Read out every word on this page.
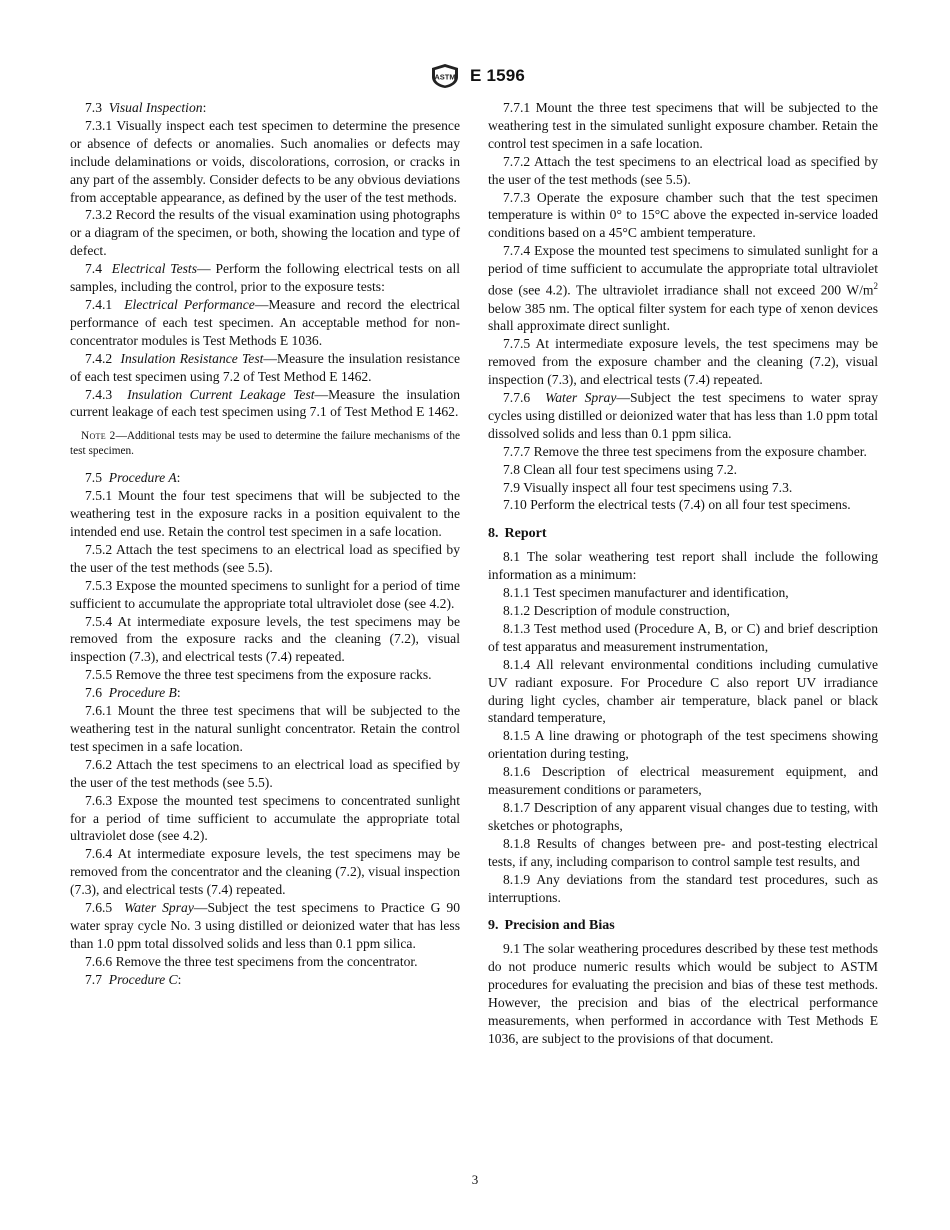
ASTM E 1596

7.3 Visual Inspection:

7.3.1 Visually inspect each test specimen to determine the presence or absence of defects or anomalies. Such anomalies or defects may include delaminations or voids, discolorations, corrosion, or cracks in any part of the assembly. Consider defects to be any obvious deviations from acceptable appearance, as defined by the user of the test methods.

7.3.2 Record the results of the visual examination using photographs or a diagram of the specimen, or both, showing the location and type of defect.

7.4 Electrical Tests— Perform the following electrical tests on all samples, including the control, prior to the exposure tests:

7.4.1 Electrical Performance—Measure and record the electrical performance of each test specimen. An acceptable method for non-concentrator modules is Test Methods E 1036.

7.4.2 Insulation Resistance Test—Measure the insulation resistance of each test specimen using 7.2 of Test Method E 1462.

7.4.3 Insulation Current Leakage Test—Measure the insulation current leakage of each test specimen using 7.1 of Test Method E 1462.

Note 2—Additional tests may be used to determine the failure mechanisms of the test specimen.

7.5 Procedure A:

7.5.1 Mount the four test specimens that will be subjected to the weathering test in the exposure racks in a position equivalent to the intended end use. Retain the control test specimen in a safe location.

7.5.2 Attach the test specimens to an electrical load as specified by the user of the test methods (see 5.5).

7.5.3 Expose the mounted specimens to sunlight for a period of time sufficient to accumulate the appropriate total ultraviolet dose (see 4.2).

7.5.4 At intermediate exposure levels, the test specimens may be removed from the exposure racks and the cleaning (7.2), visual inspection (7.3), and electrical tests (7.4) repeated.

7.5.5 Remove the three test specimens from the exposure racks.

7.6 Procedure B:

7.6.1 Mount the three test specimens that will be subjected to the weathering test in the natural sunlight concentrator. Retain the control test specimen in a safe location.

7.6.2 Attach the test specimens to an electrical load as specified by the user of the test methods (see 5.5).

7.6.3 Expose the mounted test specimens to concentrated sunlight for a period of time sufficient to accumulate the appropriate total ultraviolet dose (see 4.2).

7.6.4 At intermediate exposure levels, the test specimens may be removed from the concentrator and the cleaning (7.2), visual inspection (7.3), and electrical tests (7.4) repeated.

7.6.5 Water Spray—Subject the test specimens to Practice G 90 water spray cycle No. 3 using distilled or deionized water that has less than 1.0 ppm total dissolved solids and less than 0.1 ppm silica.

7.6.6 Remove the three test specimens from the concentrator.

7.7 Procedure C:

7.7.1 Mount the three test specimens that will be subjected to the weathering test in the simulated sunlight exposure chamber. Retain the control test specimen in a safe location.

7.7.2 Attach the test specimens to an electrical load as specified by the user of the test methods (see 5.5).

7.7.3 Operate the exposure chamber such that the test specimen temperature is within 0° to 15°C above the expected in-service loaded conditions based on a 45°C ambient temperature.

7.7.4 Expose the mounted test specimens to simulated sunlight for a period of time sufficient to accumulate the appropriate total ultraviolet dose (see 4.2). The ultraviolet irradiance shall not exceed 200 $W/m^2$ below 385 nm. The optical filter system for each type of xenon devices shall approximate direct sunlight.

7.7.5 At intermediate exposure levels, the test specimens may be removed from the exposure chamber and the cleaning (7.2), visual inspection (7.3), and electrical tests (7.4) repeated.

7.7.6 Water Spray—Subject the test specimens to water spray cycles using distilled or deionized water that has less than 1.0 ppm total dissolved solids and less than 0.1 ppm silica.

7.7.7 Remove the three test specimens from the exposure chamber.

7.8 Clean all four test specimens using 7.2.

7.9 Visually inspect all four test specimens using 7.3.

7.10 Perform the electrical tests (7.4) on all four test specimens.

8. Report

8.1 The solar weathering test report shall include the following information as a minimum:

8.1.1 Test specimen manufacturer and identification,

8.1.2 Description of module construction,

8.1.3 Test method used (Procedure A, B, or C) and brief description of test apparatus and measurement instrumentation,

8.1.4 All relevant environmental conditions including cumulative UV radiant exposure. For Procedure C also report UV irradiance during light cycles, chamber air temperature, black panel or black standard temperature,

8.1.5 A line drawing or photograph of the test specimens showing orientation during testing,

8.1.6 Description of electrical measurement equipment, and measurement conditions or parameters,

8.1.7 Description of any apparent visual changes due to testing, with sketches or photographs,

8.1.8 Results of changes between pre- and post-testing electrical tests, if any, including comparison to control sample test results, and

8.1.9 Any deviations from the standard test procedures, such as interruptions.

9. Precision and Bias

9.1 The solar weathering procedures described by these test methods do not produce numeric results which would be subject to ASTM procedures for evaluating the precision and bias of these test methods. However, the precision and bias of the electrical performance measurements, when performed in accordance with Test Methods E 1036, are subject to the provisions of that document.

3
